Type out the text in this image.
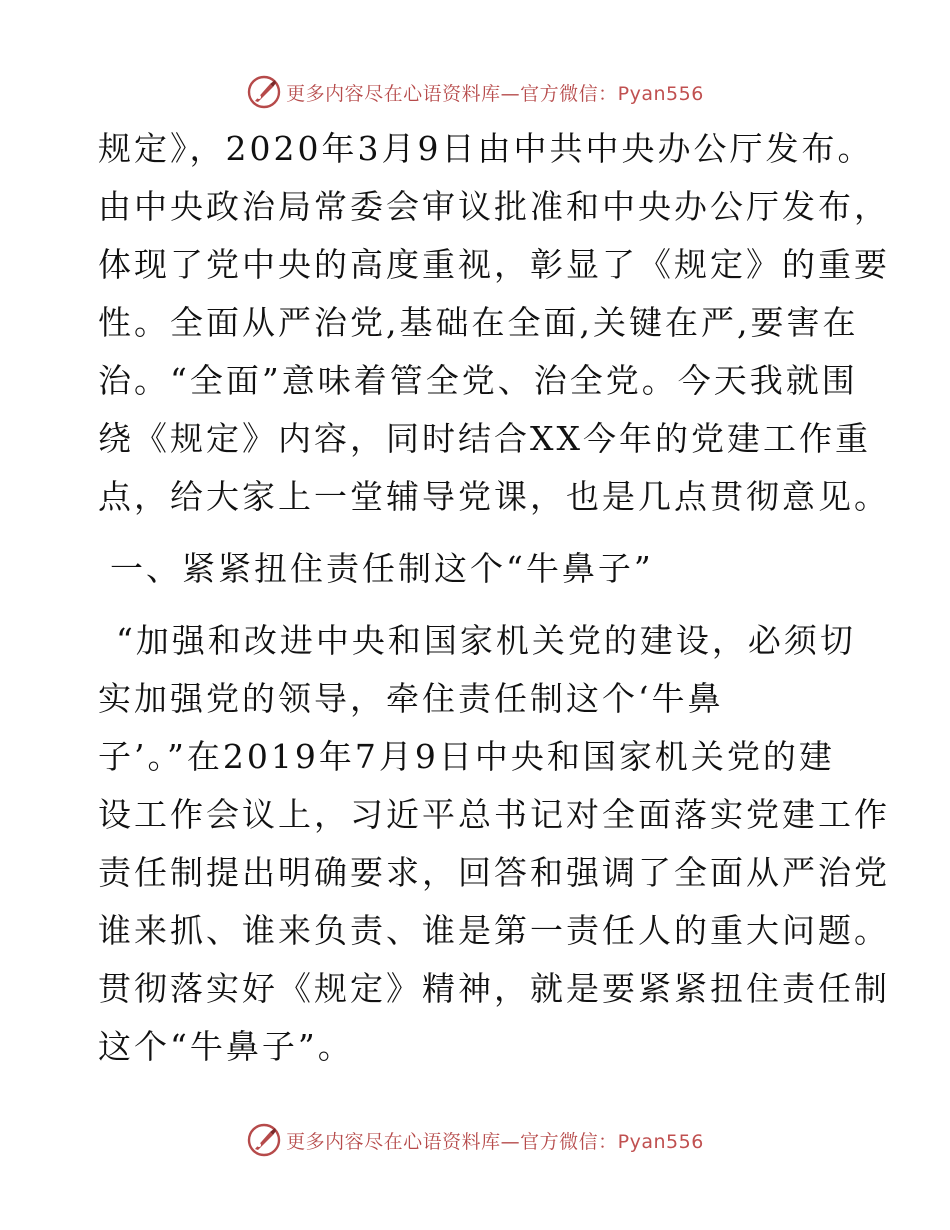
更多内容尽在心语资料库—官方微信：Pyan556
规定》，2020年3月9日由中共中央办公厅发布。
由中央政治局常委会审议批准和中央办公厅发布，
体现了党中央的高度重视，彰显了《规定》的重要
性。全面从严治党,基础在全面,关键在严,要害在
治。“全面”意味着管全党、治全党。今天我就围
绕《规定》内容，同时结合XX今年的党建工作重
点，给大家上一堂辅导党课，也是几点贯彻意见。
一、紧紧扭住责任制这个“牛鼻子”
“加强和改进中央和国家机关党的建设，必须切
实加强党的领导，牵住责任制这个‘牛鼻
子’。”在2019年7月9日中央和国家机关党的建
设工作会议上，习近平总书记对全面落实党建工作
责任制提出明确要求，回答和强调了全面从严治党
谁来抓、谁来负责、谁是第一责任人的重大问题。
贯彻落实好《规定》精神，就是要紧紧扭住责任制
这个“牛鼻子”。
更多内容尽在心语资料库—官方微信：Pyan556
